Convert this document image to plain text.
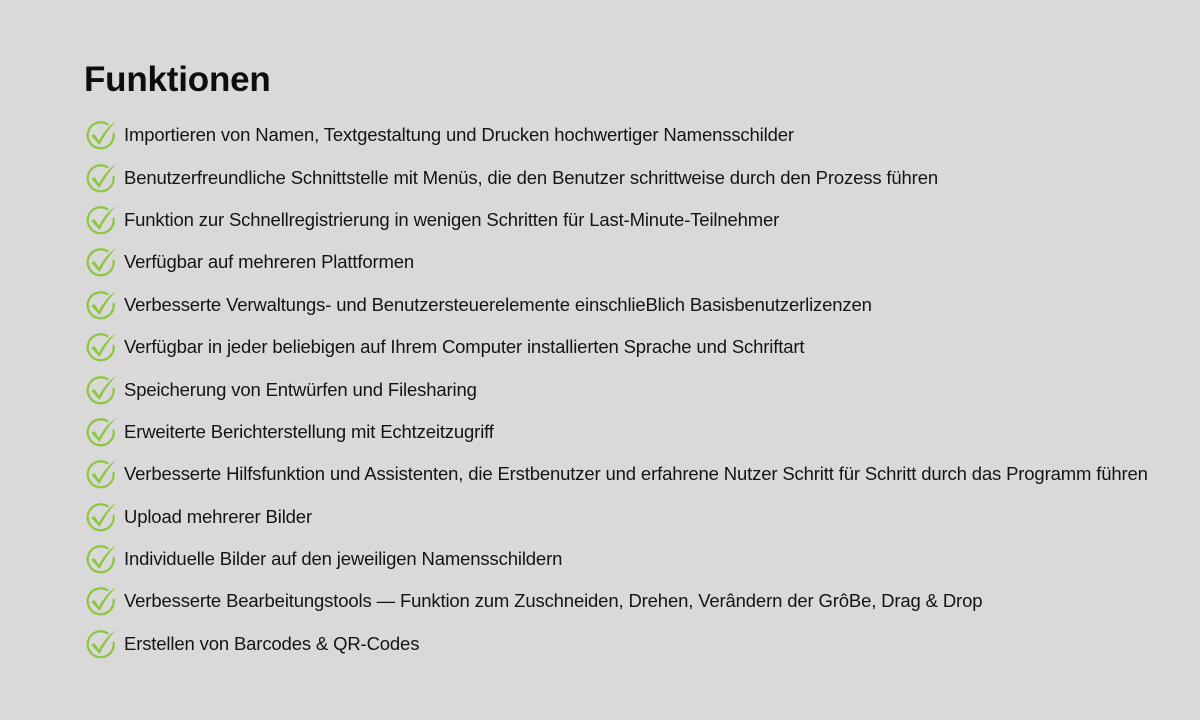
Funktionen
Importieren von Namen, Textgestaltung und Drucken hochwertiger Namensschilder
Benutzerfreundliche Schnittstelle mit Menüs, die den Benutzer schrittweise durch den Prozess führen
Funktion zur Schnellregistrierung in wenigen Schritten für Last-Minute-Teilnehmer
Verfügbar auf mehreren Plattformen
Verbesserte Verwaltungs- und Benutzersteuerelemente einschlieBlich Basisbenutzerlizenzen
Verfügbar in jeder beliebigen auf Ihrem Computer installierten Sprache und Schriftart
Speicherung von Entwürfen und Filesharing
Erweiterte Berichterstellung mit Echtzeitzugriff
Verbesserte Hilfsfunktion und Assistenten, die Erstbenutzer und erfahrene Nutzer Schritt für Schritt durch das Programm führen
Upload mehrerer Bilder
Individuelle Bilder auf den jeweiligen Namensschildern
Verbesserte Bearbeitungstools — Funktion zum Zuschneiden, Drehen, Verândern der GrôBe, Drag & Drop
Erstellen von Barcodes & QR-Codes
